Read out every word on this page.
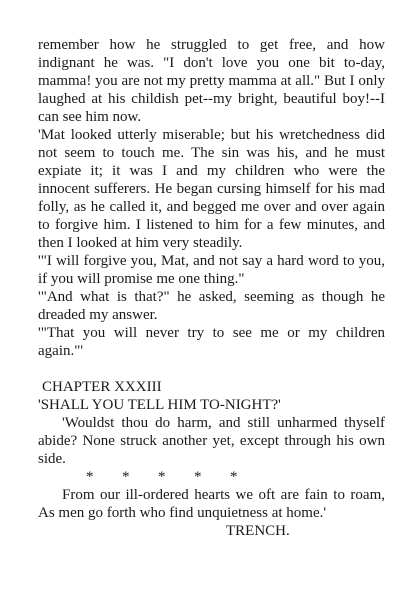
remember how he struggled to get free, and how indignant he was. "I don't love you one bit to-day, mamma! you are not my pretty mamma at all." But I only laughed at his childish pet--my bright, beautiful boy!--I can see him now.

'Mat looked utterly miserable; but his wretchedness did not seem to touch me. The sin was his, and he must expiate it; it was I and my children who were the innocent sufferers. He began cursing himself for his mad folly, as he called it, and begged me over and over again to forgive him. I listened to him for a few minutes, and then I looked at him very steadily.

'"I will forgive you, Mat, and not say a hard word to you, if you will promise me one thing."

'"And what is that?" he asked, seeming as though he dreaded my answer.

'"That you will never try to see me or my children again."'

CHAPTER XXXIII
'SHALL YOU TELL HIM TO-NIGHT?'

'Wouldst thou do harm, and still unharmed thyself abide? None struck another yet, except through his own side.

* * * * *

From our ill-ordered hearts we oft are fain to roam, As men go forth who find unquietness at home.'

TRENCH.
